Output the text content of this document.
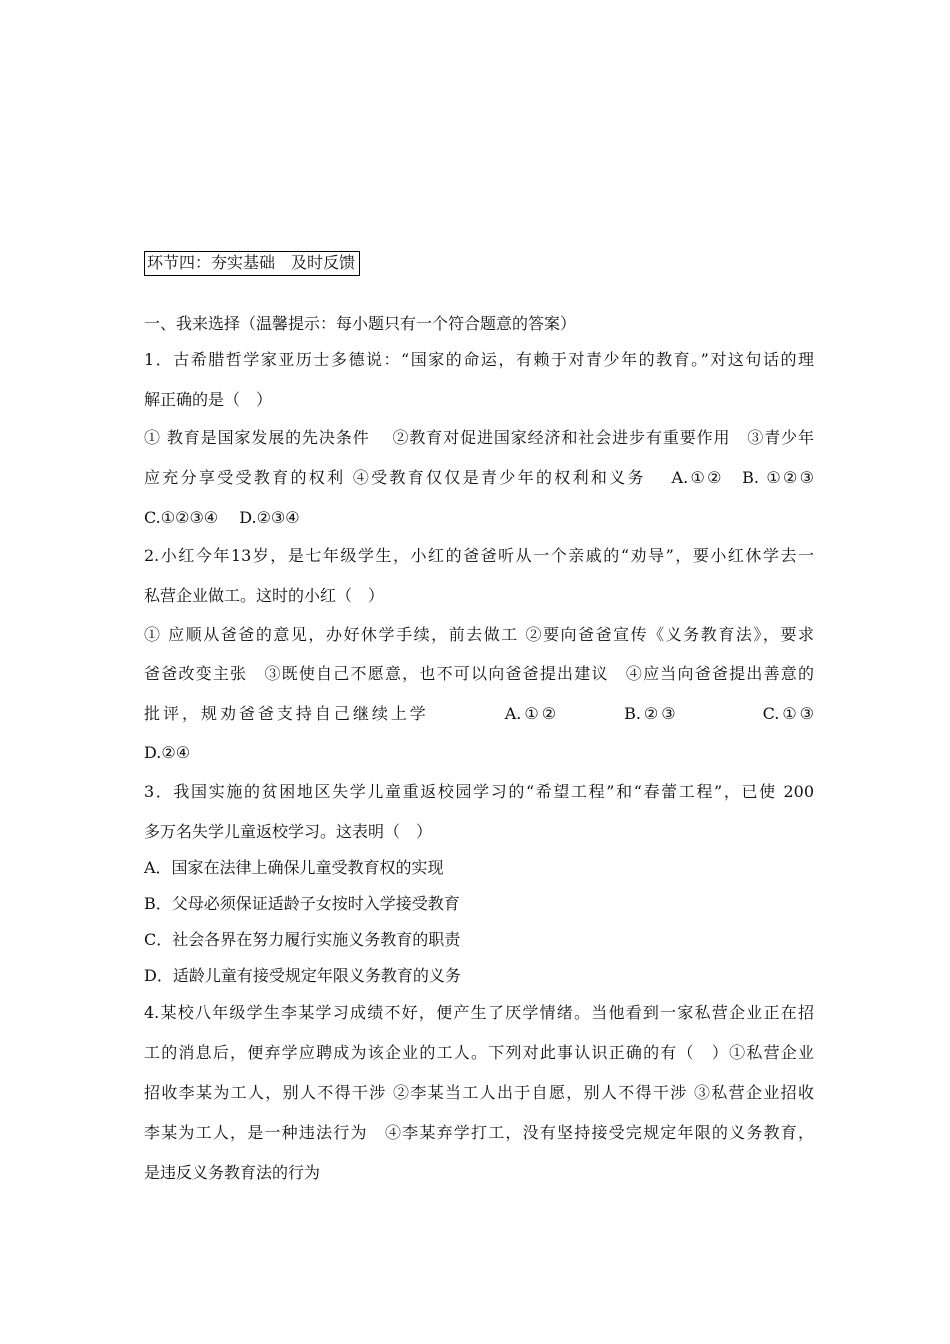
环节四：夯实基础　及时反馈
一、我来选择（温馨提示：每小题只有一个符合题意的答案）
1．古希腊哲学家亚历士多德说：“国家的命运，有赖于对青少年的教育。”对这句话的理
解正确的是（　）
① 教育是国家发展的先决条件　 ②教育对促进国家经济和社会进步有重要作用　③青少年
应充分享受受教育的权利 ④受教育仅仅是青少年的权利和义务　 A.①②　B. ①②③
C.①②③④　 D.②③④
2.小红今年13岁，是七年级学生，小红的爸爸听从一个亲戚的“劝导”，要小红休学去一
私营企业做工。这时的小红（　）
① 应顺从爸爸的意见，办好休学手续，前去做工 ②要向爸爸宣传《义务教育法》，要求
爸爸改变主张　③既使自己不愿意，也不可以向爸爸提出建议　④应当向爸爸提出善意的
批评，规劝爸爸支持自己继续上学　　　　A.①②　　　 B.②③　　　　 C.①③
D.②④
3．我国实施的贫困地区失学儿童重返校园学习的“希望工程”和“春蕾工程”，已使 200
多万名失学儿童返校学习。这表明（　）
A．国家在法律上确保儿童受教育权的实现
B．父母必须保证适龄子女按时入学接受教育
C．社会各界在努力履行实施义务教育的职责
D．适龄儿童有接受规定年限义务教育的义务
4.某校八年级学生李某学习成绩不好，便产生了厌学情绪。当他看到一家私营企业正在招
工的消息后，便弃学应聘成为该企业的工人。下列对此事认识正确的有（　）①私营企业
招收李某为工人，别人不得干涉 ②李某当工人出于自愿，别人不得干涉 ③私营企业招收
李某为工人，是一种违法行为　④李某弃学打工，没有坚持接受完规定年限的义务教育，
是违反义务教育法的行为
